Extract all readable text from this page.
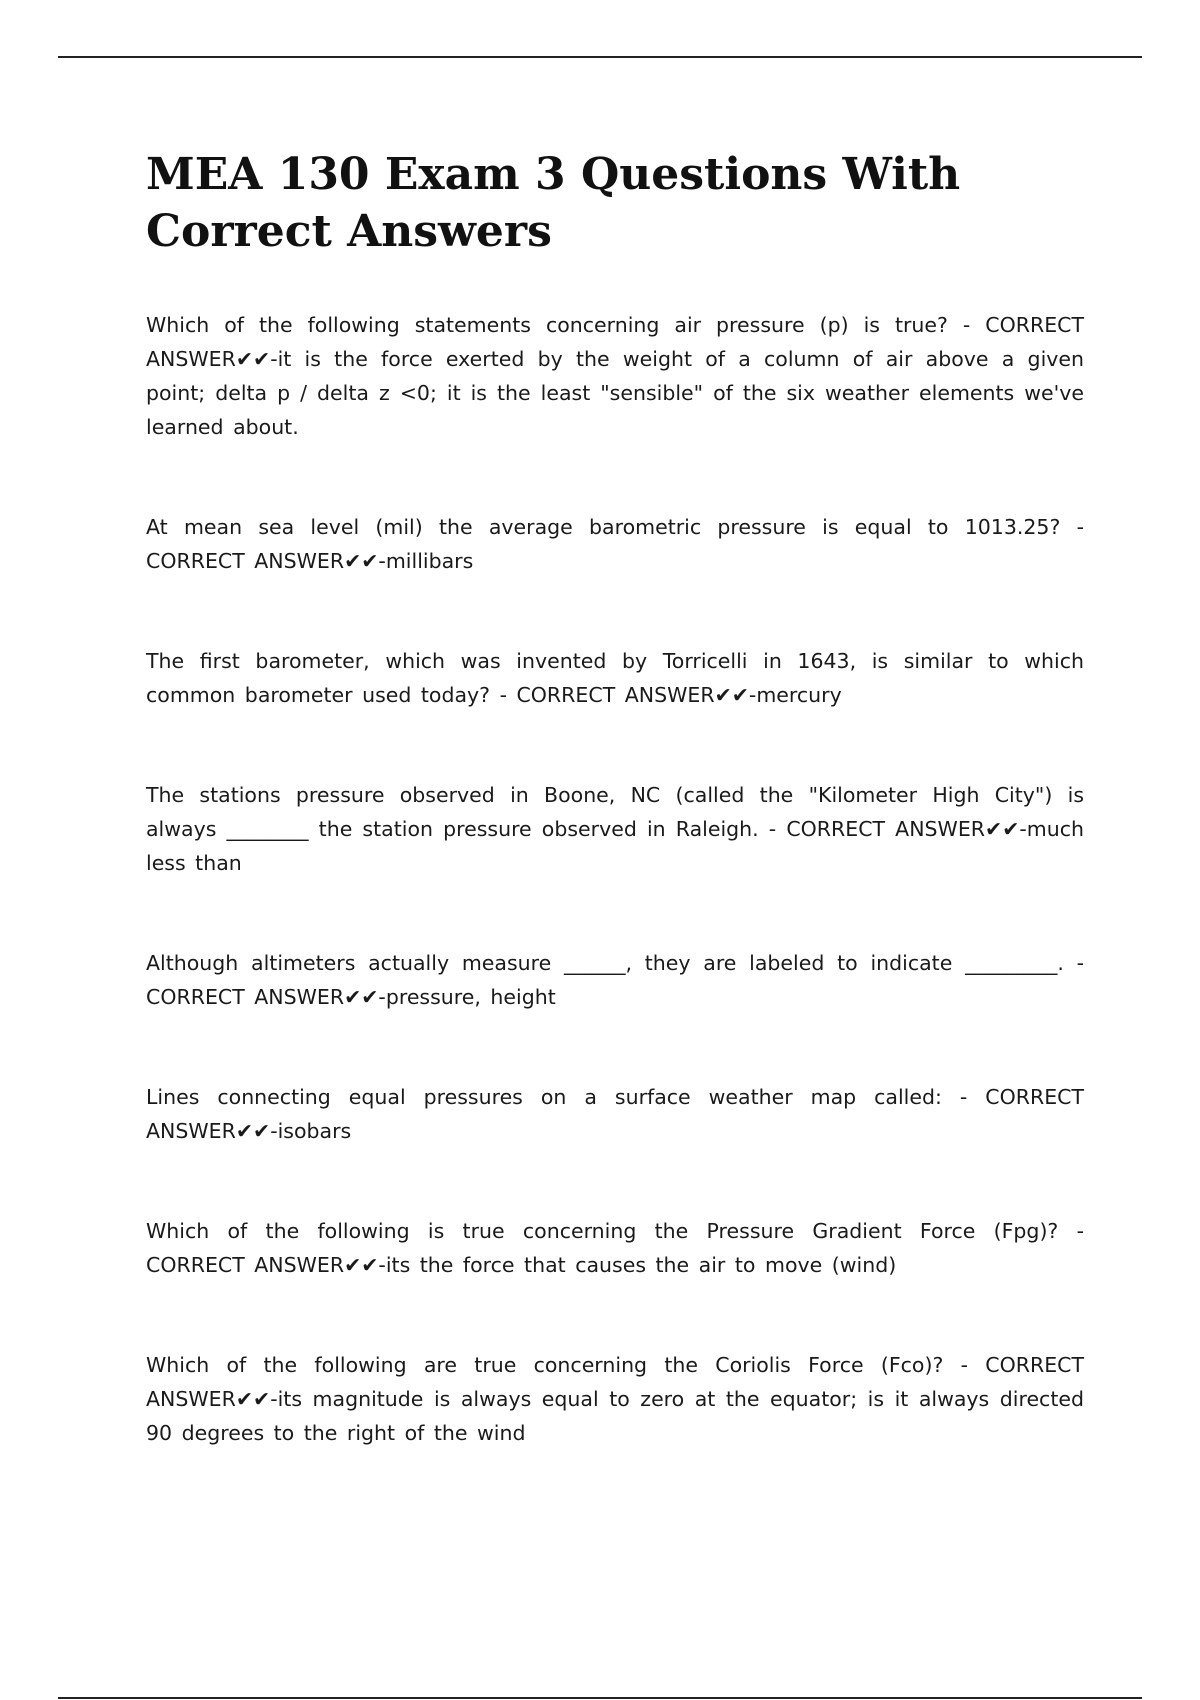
MEA 130 Exam 3 Questions With Correct Answers

Which of the following statements concerning air pressure (p) is true? - CORRECT ANSWER✔✔-it is the force exerted by the weight of a column of air above a given point; delta p / delta z <0; it is the least "sensible" of the six weather elements we've learned about.

At mean sea level (mil) the average barometric pressure is equal to 1013.25? - CORRECT ANSWER✔✔-millibars

The first barometer, which was invented by Torricelli in 1643, is similar to which common barometer used today? - CORRECT ANSWER✔✔-mercury

The stations pressure observed in Boone, NC (called the "Kilometer High City") is always ________ the station pressure observed in Raleigh. - CORRECT ANSWER✔✔-much less than

Although altimeters actually measure ______, they are labeled to indicate _________. - CORRECT ANSWER✔✔-pressure, height

Lines connecting equal pressures on a surface weather map called: - CORRECT ANSWER✔✔-isobars

Which of the following is true concerning the Pressure Gradient Force (Fpg)? - CORRECT ANSWER✔✔-its the force that causes the air to move (wind)

Which of the following are true concerning the Coriolis Force (Fco)? - CORRECT ANSWER✔✔-its magnitude is always equal to zero at the equator; is it always directed 90 degrees to the right of the wind
